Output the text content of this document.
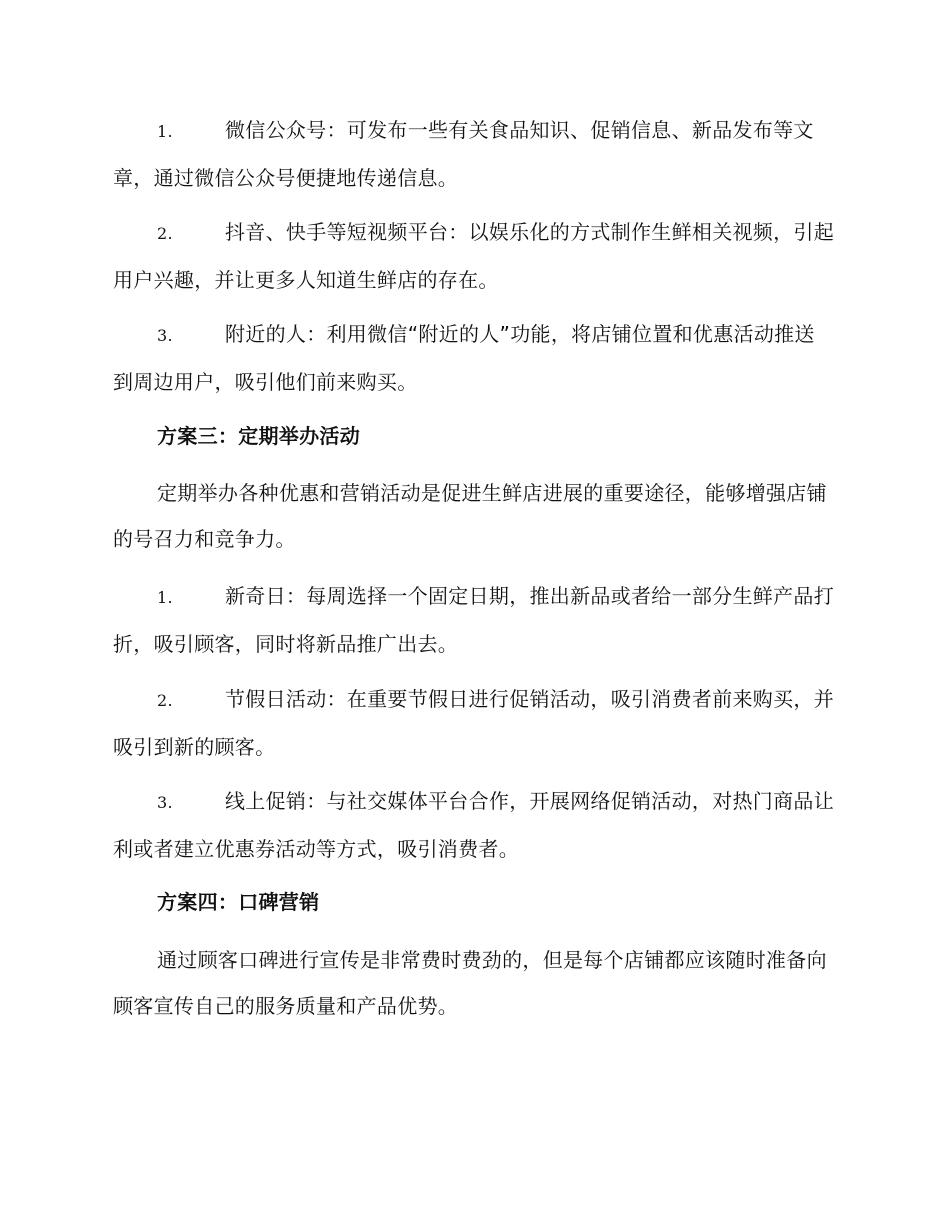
1.	微信公众号：可发布一些有关食品知识、促销信息、新品发布等文章，通过微信公众号便捷地传递信息。
2.	抖音、快手等短视频平台：以娱乐化的方式制作生鲜相关视频，引起用户兴趣，并让更多人知道生鲜店的存在。
3.	附近的人：利用微信“附近的人”功能，将店铺位置和优惠活动推送到周边用户，吸引他们前来购买。
方案三：定期举办活动
定期举办各种优惠和营销活动是促进生鲜店进展的重要途径，能够增强店铺的号召力和竞争力。
1.	新奇日：每周选择一个固定日期，推出新品或者给一部分生鲜产品打折，吸引顾客，同时将新品推广出去。
2.	节假日活动：在重要节假日进行促销活动，吸引消费者前来购买，并吸引到新的顾客。
3.	线上促销：与社交媒体平台合作，开展网络促销活动，对热门商品让利或者建立优惠券活动等方式，吸引消费者。
方案四：口碑营销
通过顾客口碑进行宣传是非常费时费劲的，但是每个店铺都应该随时准备向顾客宣传自己的服务质量和产品优势。
